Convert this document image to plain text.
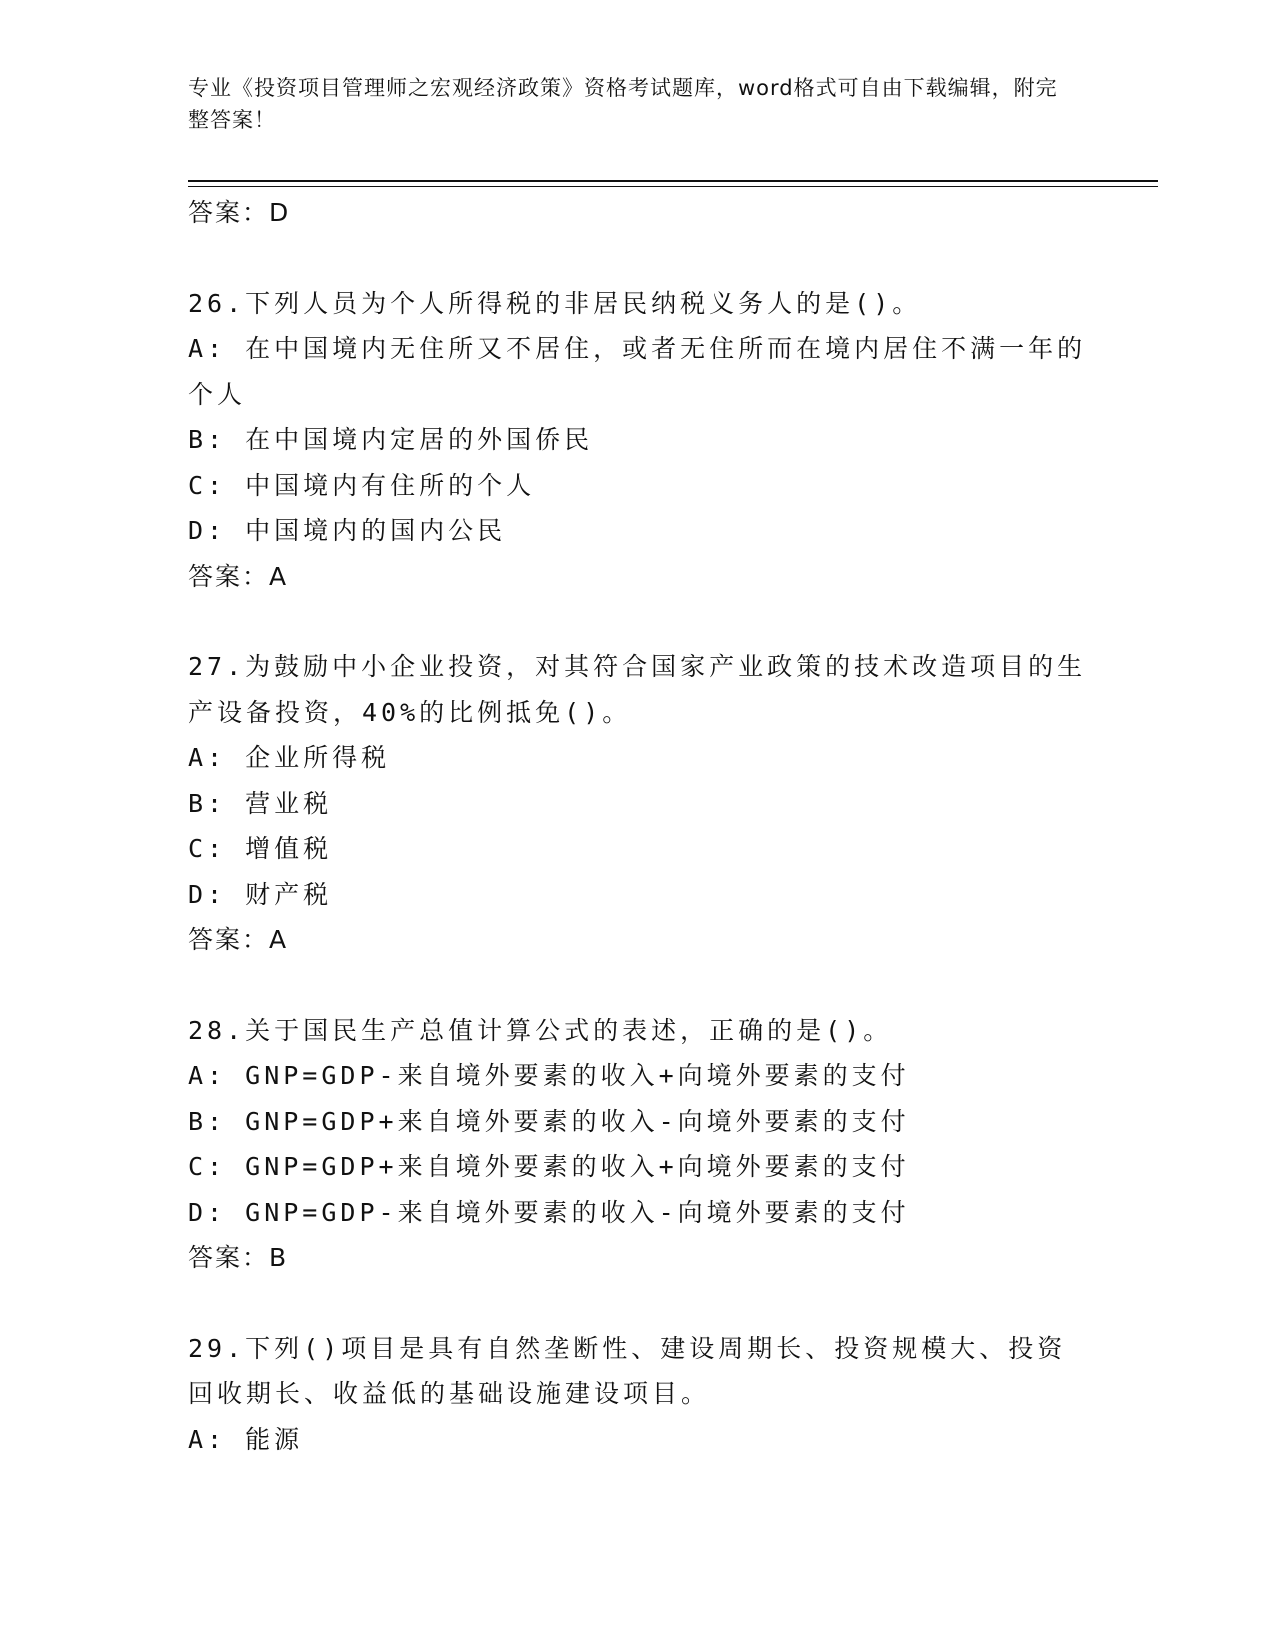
专业《投资项目管理师之宏观经济政策》资格考试题库，word格式可自由下载编辑，附完整答案！
答案：D
26.下列人员为个人所得税的非居民纳税义务人的是()。
A: 在中国境内无住所又不居住，或者无住所而在境内居住不满一年的个人
B: 在中国境内定居的外国侨民
C: 中国境内有住所的个人
D: 中国境内的国内公民
答案：A
27.为鼓励中小企业投资，对其符合国家产业政策的技术改造项目的生产设备投资，40%的比例抵免()。
A: 企业所得税
B: 营业税
C: 增值税
D: 财产税
答案：A
28.关于国民生产总值计算公式的表述，正确的是()。
A: GNP=GDP-来自境外要素的收入+向境外要素的支付
B: GNP=GDP+来自境外要素的收入-向境外要素的支付
C: GNP=GDP+来自境外要素的收入+向境外要素的支付
D: GNP=GDP-来自境外要素的收入-向境外要素的支付
答案：B
29.下列()项目是具有自然垄断性、建设周期长、投资规模大、投资回收期长、收益低的基础设施建设项目。
A: 能源
